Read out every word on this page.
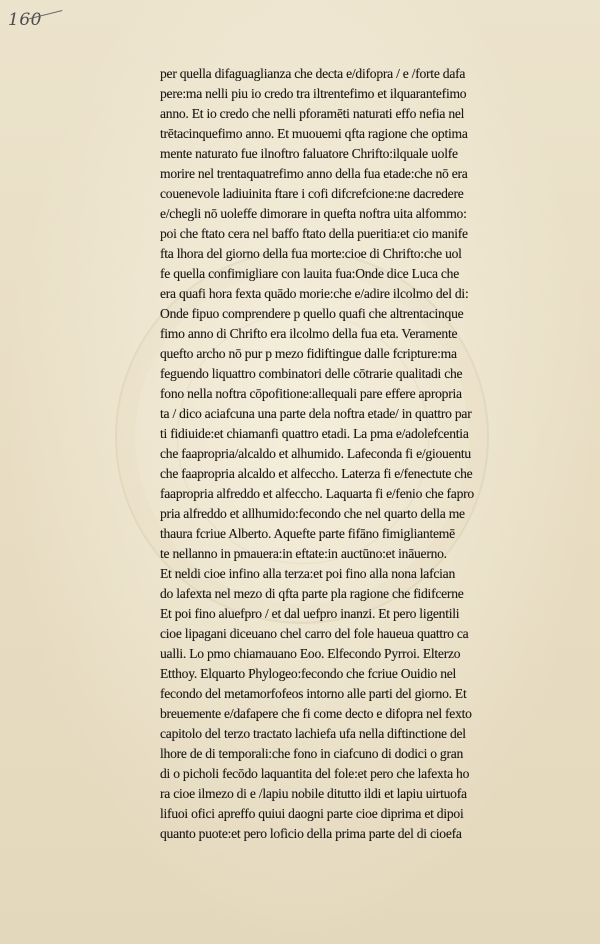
160
per quella difaguaglianza che decta e/difopra / e /forte dafa
pere:ma nelli piu io credo tra iltrentefimo et ilquarantefimo
anno. Et io credo che nelli pforamēti naturati effo nefia nel
trētacinquefimo anno. Et muouemi qfta ragione che optima
mente naturato fue ilnoftro faluatore Chrifto:ilquale uolfe
morire nel trentaquatrefimo anno della fua etade:che nō era
couenevole ladiuinita ftare i cofi difcrefcione:ne dacredere
e/chegli nō uoleffe dimorare in quefta noftra uita alfommo:
poi che ftato cera nel baffo ftato della pueritia:et cio manife
fta lhora del giorno della fua morte:cioe di Chrifto:che uol
fe quella confimigliare con lauita fua:Onde dice Luca che
era quafi hora fexta quādo morie:che e/adire ilcolmo del di:
Onde fipuo comprendere p quello quafi che altrentacinque
fimo anno di Chrifto era ilcolmo della fua eta. Veramente
quefto archo nō pur p mezo fidiftingue dalle fcripture:ma
feguendo liquattro combinatori delle cōtrarie qualitadi che
fono nella noftra cōpofitione:allequali pare effere apropria
ta / dico aciafcuna una parte dela noftra etade/ in quattro par
ti fidiuide:et chiamanfi quattro etadi. La pma e/adolefcentia
che faapropria/alcaldo et alhumido. Lafeconda fi e/giouentu
che faapropria alcaldo et alfeccho. Laterza fi e/fenectute che
faapropria alfreddo et alfeccho. Laquarta fi e/fenio che fapro
pria alfreddo et allhumido:fecondo che nel quarto della me
thaura fcriue Alberto. Aquefte parte fifāno fimigliantemē
te nellanno in pmauera:in eftate:in auctūno:et ināuerno.
Et neldi cioe infino alla terza:et poi fino alla nona lafcian
do lafexta nel mezo di qfta parte pla ragione che fidifcerne
Et poi fino aluefpro / et dal uefpro inanzi. Et pero ligentili
cioe lipagani diceuano chel carro del fole haueua quattro ca
ualli. Lo pmo chiamauano Eoo. Elfecondo Pyrroi. Elterzo
Etthoy. Elquarto Phylogeo:fecondo che fcriue Ouidio nel
fecondo del metamorfofeos intorno alle parti del giorno. Et
breuemente e/dafapere che fi come decto e difopra nel fexto
capitolo del terzo tractato lachiefa ufa nella diftinctione del
lhore de di temporali:che fono in ciafcuno di dodici o gran
di o picholi fecōdo laquantita del fole:et pero che lafexta ho
ra cioe ilmezo di e /lapiu nobile ditutto ildi et lapiu uirtuofa
lifuoi ofici apreffo quiui daogni parte cioe diprima et dipoi
quanto puote:et pero lofìcio della prima parte del di cioefa
